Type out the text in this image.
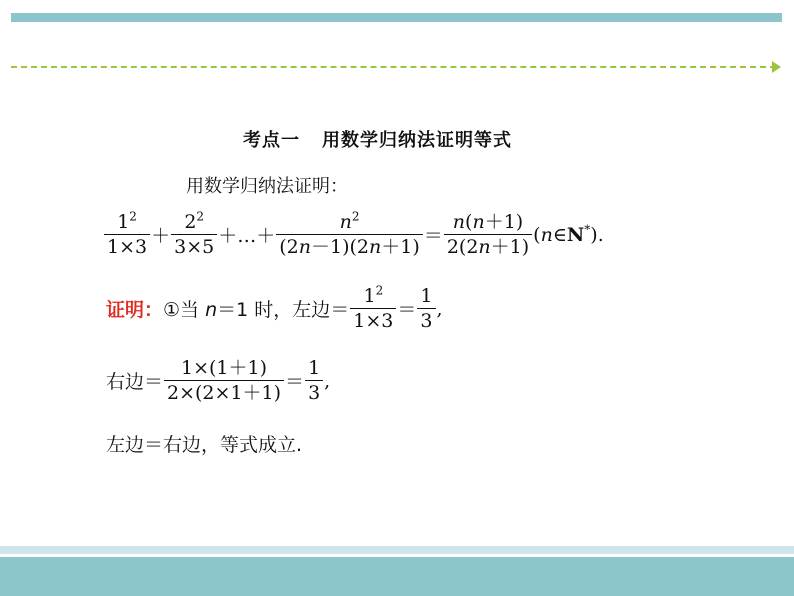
考点一 用数学归纳法证明等式
用数学归纳法证明：
$\frac{1^2}{1\times 3} + \frac{2^2}{3\times 5}$ ＋…＋ $\frac{n^2}{(2n-1)(2n+1)} = \frac{n(n+1)}{2(2n+1)}$ (n∈N*).
证明： ①当 n＝1 时，左边＝ $\frac{1^2}{1\times 3} = \frac{1}{3}$ ,
右边＝ $\frac{1\times(1+1)}{2\times(2\times 1+1)} = \frac{1}{3}$ ,
左边＝右边，等式成立.
